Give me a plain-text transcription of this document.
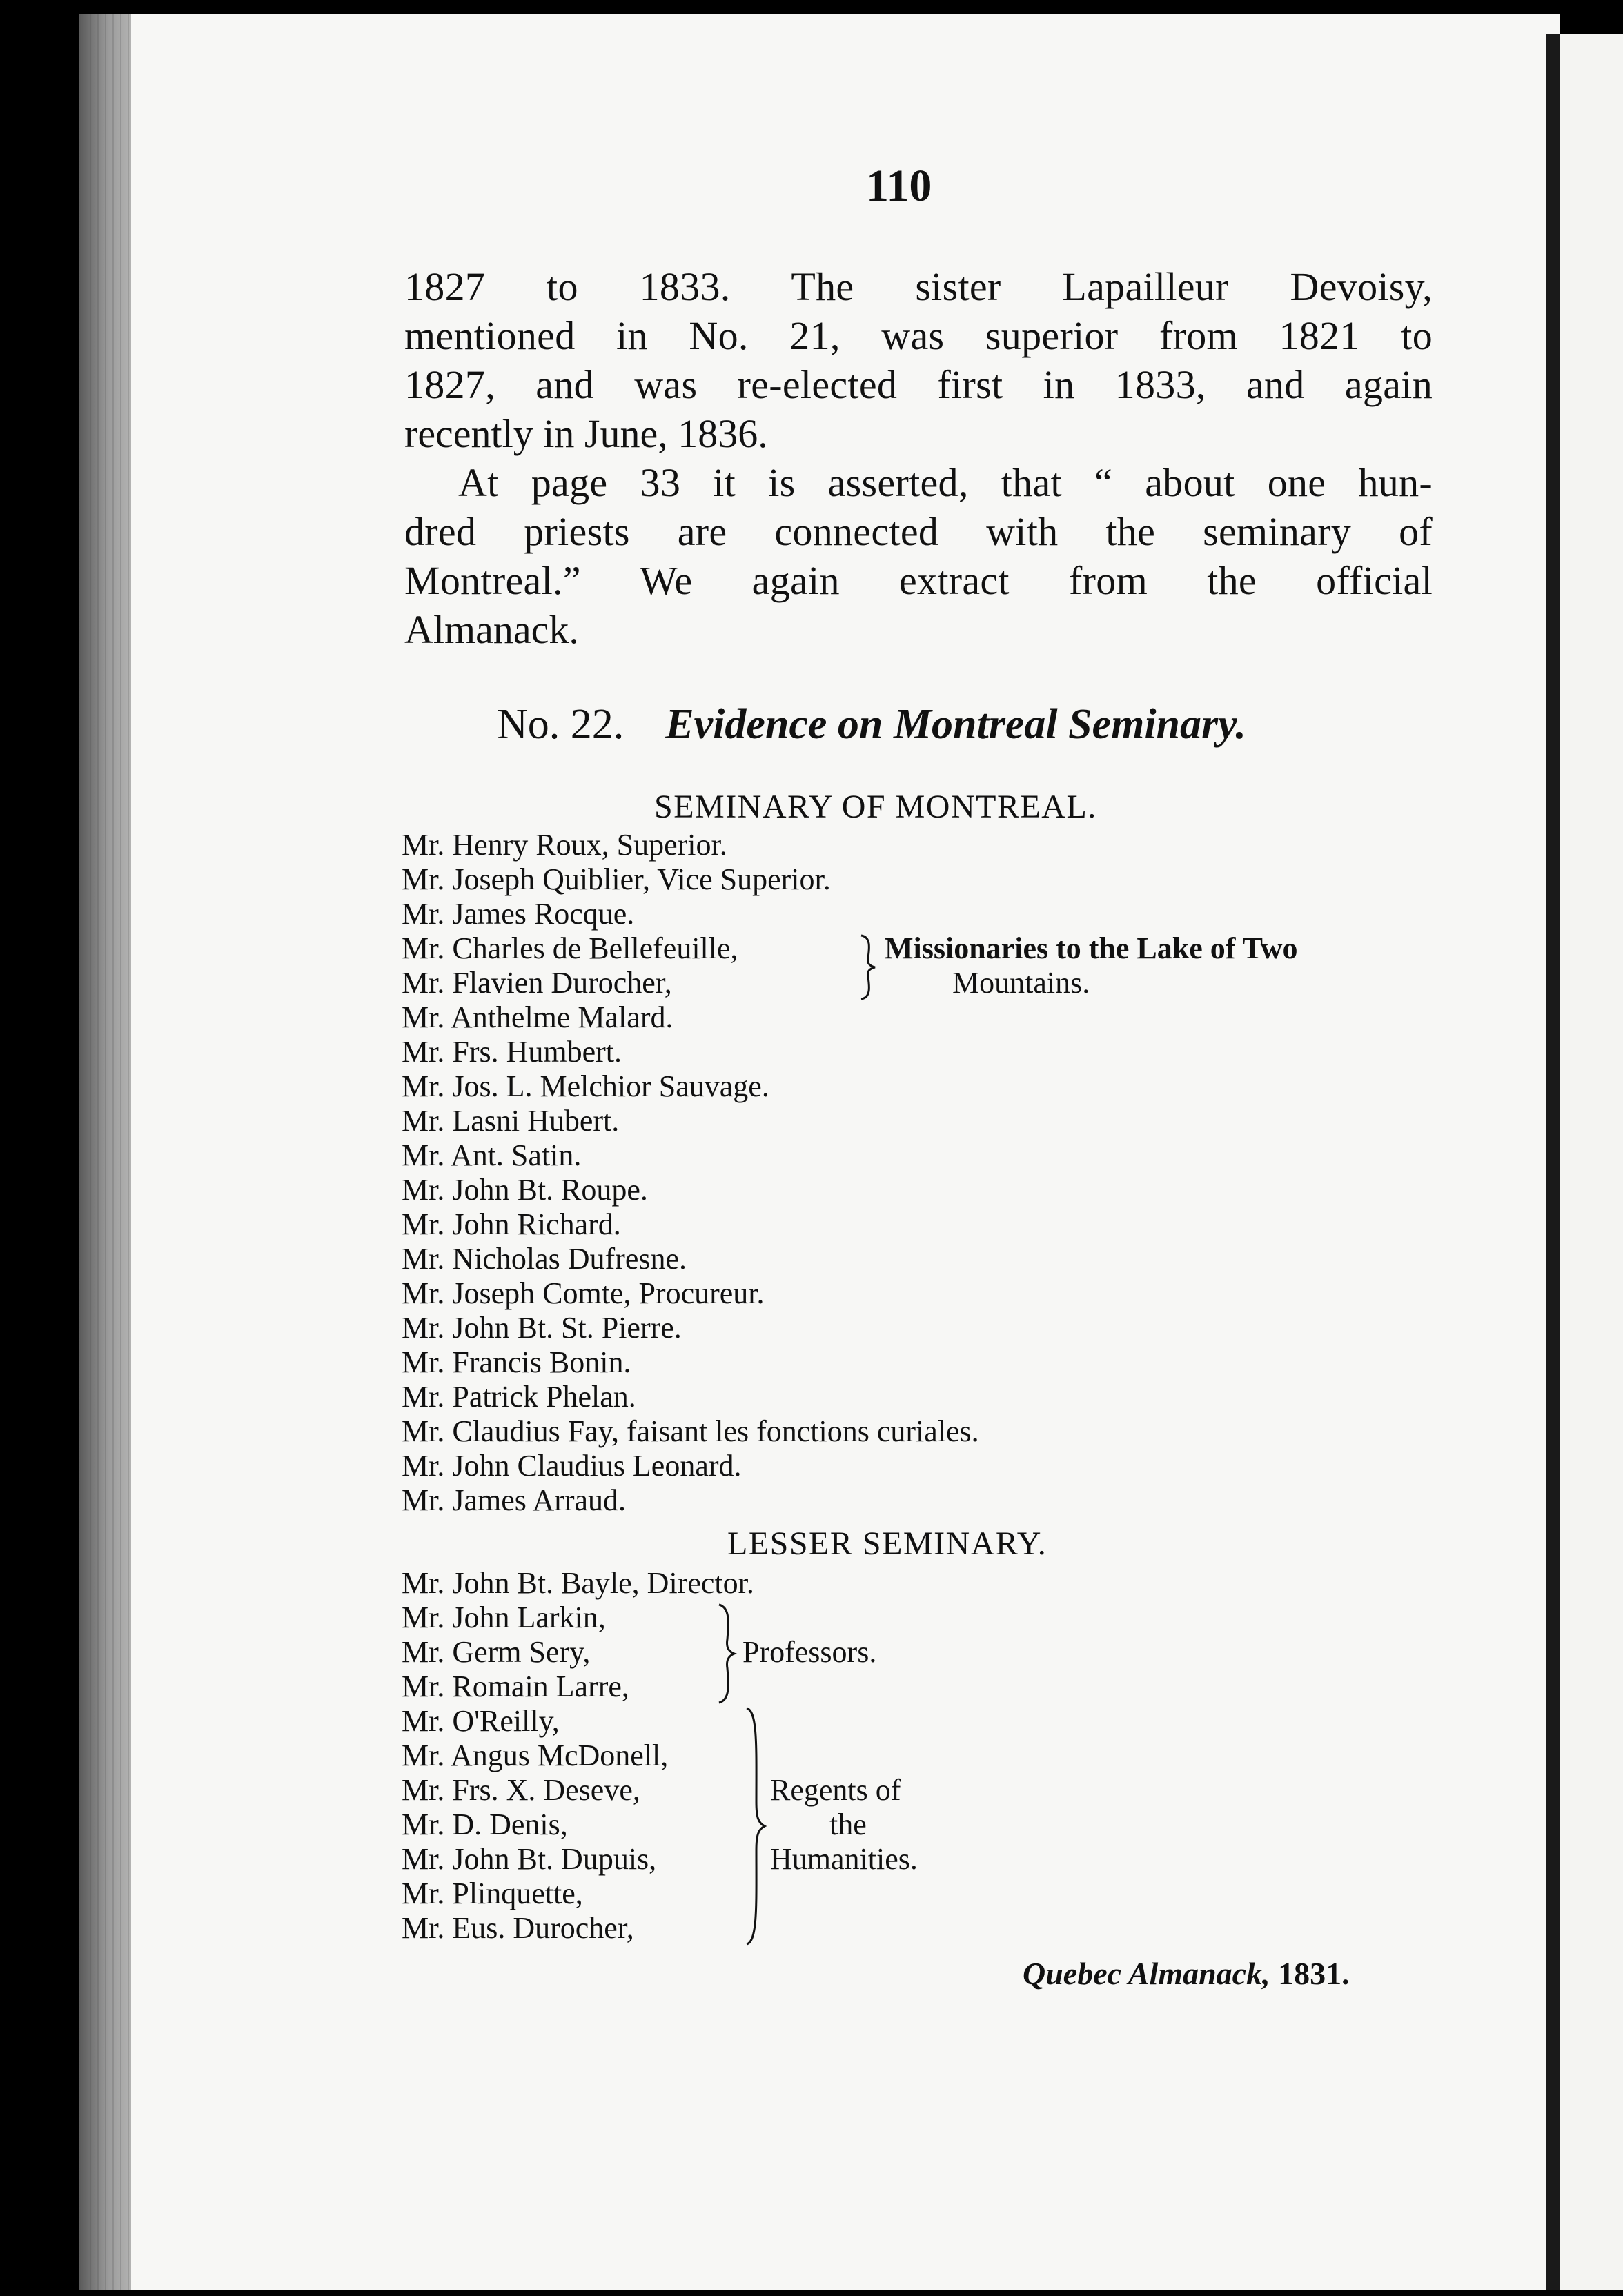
110
1827 to 1833. The sister Lapailleur Devoisy,
mentioned in No. 21, was superior from 1821 to
1827, and was re-elected first in 1833, and again
recently in June, 1836.
At page 33 it is asserted, that “ about one hun-
dred priests are connected with the seminary of
Montreal.” We again extract from the official
Almanack.
No. 22. Evidence on Montreal Seminary.
SEMINARY OF MONTREAL.
Mr. Henry Roux, Superior.
Mr. Joseph Quiblier, Vice Superior.
Mr. James Rocque.
Mr. Charles de Bellefeuille,
Mr. Flavien Durocher,
Missionaries to the Lake of Two
Mountains.
Mr. Anthelme Malard.
Mr. Frs. Humbert.
Mr. Jos. L. Melchior Sauvage.
Mr. Lasni Hubert.
Mr. Ant. Satin.
Mr. John Bt. Roupe.
Mr. John Richard.
Mr. Nicholas Dufresne.
Mr. Joseph Comte, Procureur.
Mr. John Bt. St. Pierre.
Mr. Francis Bonin.
Mr. Patrick Phelan.
Mr. Claudius Fay, faisant les fonctions curiales.
Mr. John Claudius Leonard.
Mr. James Arraud.
LESSER SEMINARY.
Mr. John Bt. Bayle, Director.
Mr. John Larkin,
Mr. Germ Sery,
Mr. Romain Larre,
Professors.
Mr. O'Reilly,
Mr. Angus McDonell,
Mr. Frs. X. Deseve,
Mr. D. Denis,
Mr. John Bt. Dupuis,
Mr. Plinquette,
Mr. Eus. Durocher,
Regents of
the
Humanities.
Quebec Almanack, 1831.
